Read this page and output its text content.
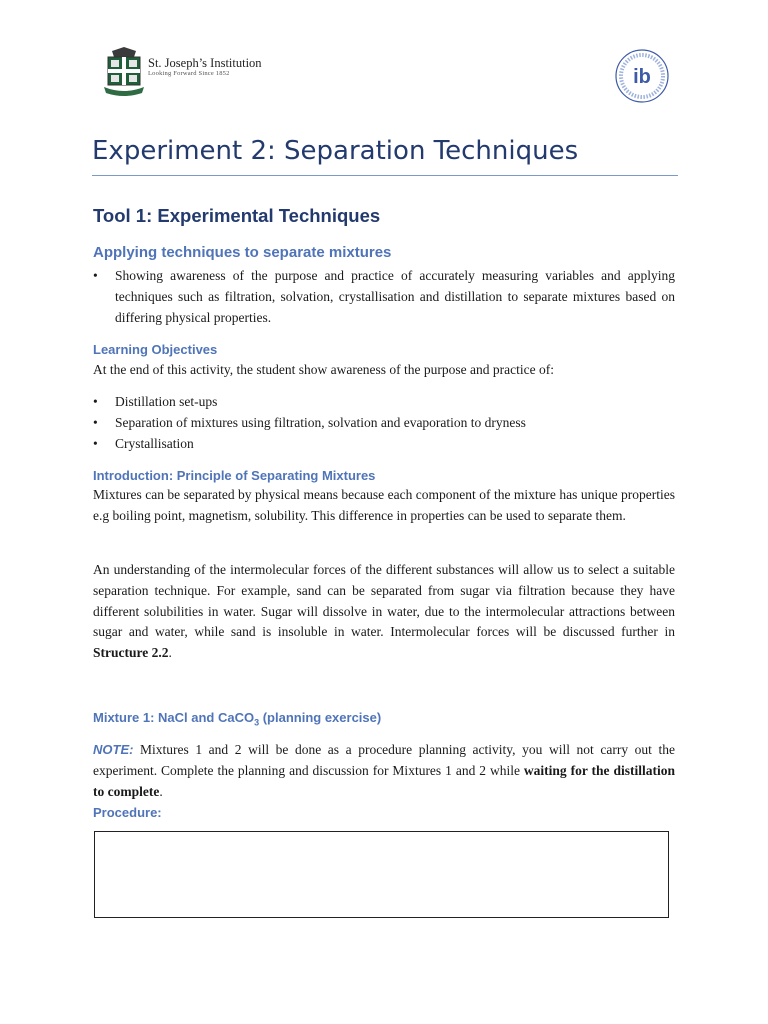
St. Joseph’s Institution
Looking Forward Since 1852	ib
Experiment 2: Separation Techniques
Tool 1: Experimental Techniques
Applying techniques to separate mixtures
• Showing awareness of the purpose and practice of accurately measuring variables and applying techniques such as filtration, solvation, crystallisation and distillation to separate mixtures based on differing physical properties.
Learning Objectives

At the end of this activity, the student show awareness of the purpose and practice of:

• Distillation set-ups
• Separation of mixtures using filtration, solvation and evaporation to dryness
• Crystallisation
Introduction: Principle of Separating Mixtures

Mixtures can be separated by physical means because each component of the mixture has unique properties e.g boiling point, magnetism, solubility. This difference in properties can be used to separate them.

An understanding of the intermolecular forces of the different substances will allow us to select a suitable separation technique. For example, sand can be separated from sugar via filtration because they have different solubilities in water. Sugar will dissolve in water, due to the intermolecular attractions between sugar and water, while sand is insoluble in water. Intermolecular forces will be discussed further in Structure 2.2.

Mixture 1: NaCl and CaCO$_3$ (planning exercise)

NOTE: Mixtures 1 and 2 will be done as a procedure planning activity, you will not carry out the experiment. Complete the planning and discussion for Mixtures 1 and 2 while waiting for the distillation to complete.

Procedure:
